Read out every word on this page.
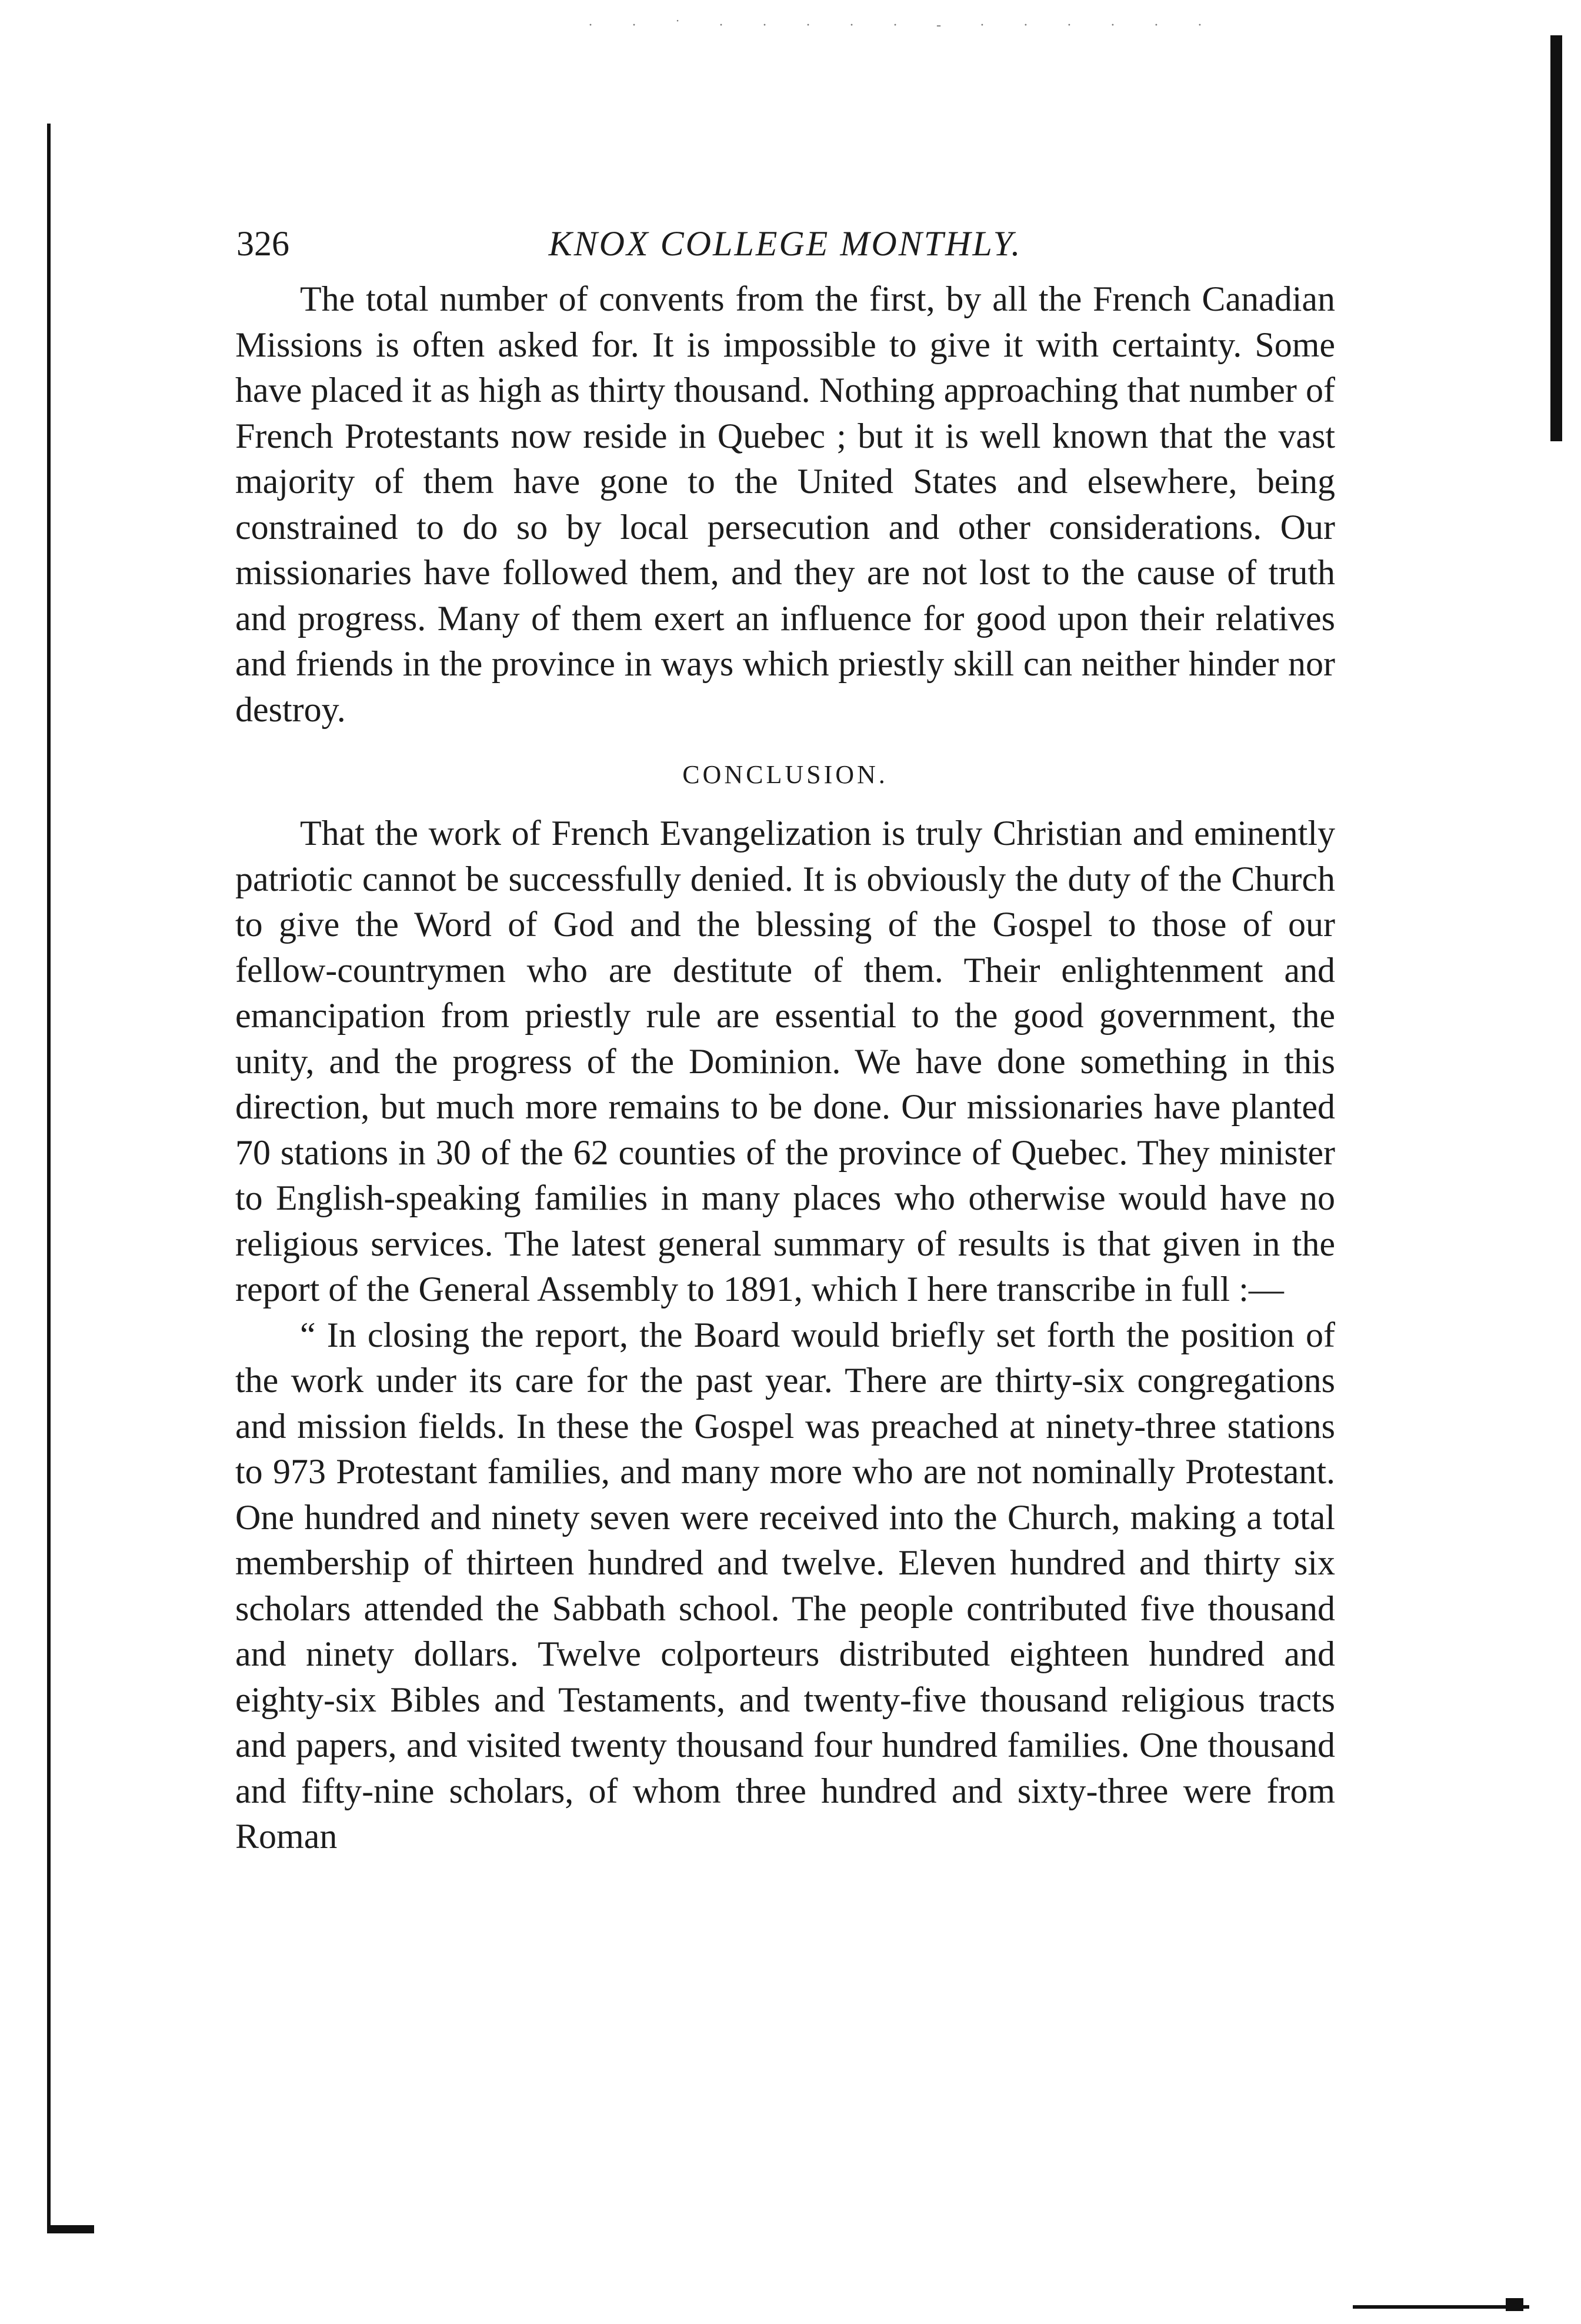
· · ˙ · · · · · - · · · · · ·
326	KNOX COLLEGE MONTHLY.

The total number of convents from the first, by all the French Canadian Missions is often asked for. It is impossible to give it with certainty. Some have placed it as high as thirty thousand. Nothing approaching that number of French Protestants now reside in Quebec ; but it is well known that the vast majority of them have gone to the United States and elsewhere, being constrained to do so by local persecution and other considerations. Our missionaries have followed them, and they are not lost to the cause of truth and progress. Many of them exert an influence for good upon their relatives and friends in the province in ways which priestly skill can neither hinder nor destroy.

CONCLUSION.

That the work of French Evangelization is truly Christian and eminently patriotic cannot be successfully denied. It is obviously the duty of the Church to give the Word of God and the blessing of the Gospel to those of our fellow-countrymen who are destitute of them. Their enlightenment and emancipation from priestly rule are essential to the good government, the unity, and the progress of the Dominion. We have done something in this direction, but much more remains to be done. Our missionaries have planted 70 stations in 30 of the 62 counties of the province of Quebec. They minister to English-speaking families in many places who otherwise would have no religious services. The latest general summary of results is that given in the report of the General Assembly to 1891, which I here transcribe in full :—

“ In closing the report, the Board would briefly set forth the position of the work under its care for the past year. There are thirty-six congregations and mission fields. In these the Gospel was preached at ninety-three stations to 973 Protestant families, and many more who are not nominally Protestant. One hundred and ninety seven were received into the Church, making a total membership of thirteen hundred and twelve. Eleven hundred and thirty six scholars attended the Sabbath school. The people contributed five thousand and ninety dollars. Twelve colporteurs distributed eighteen hundred and eighty-six Bibles and Testaments, and twenty-five thousand religious tracts and papers, and visited twenty thousand four hundred families. One thousand and fifty-nine scholars, of whom three hundred and sixty-three were from Roman
